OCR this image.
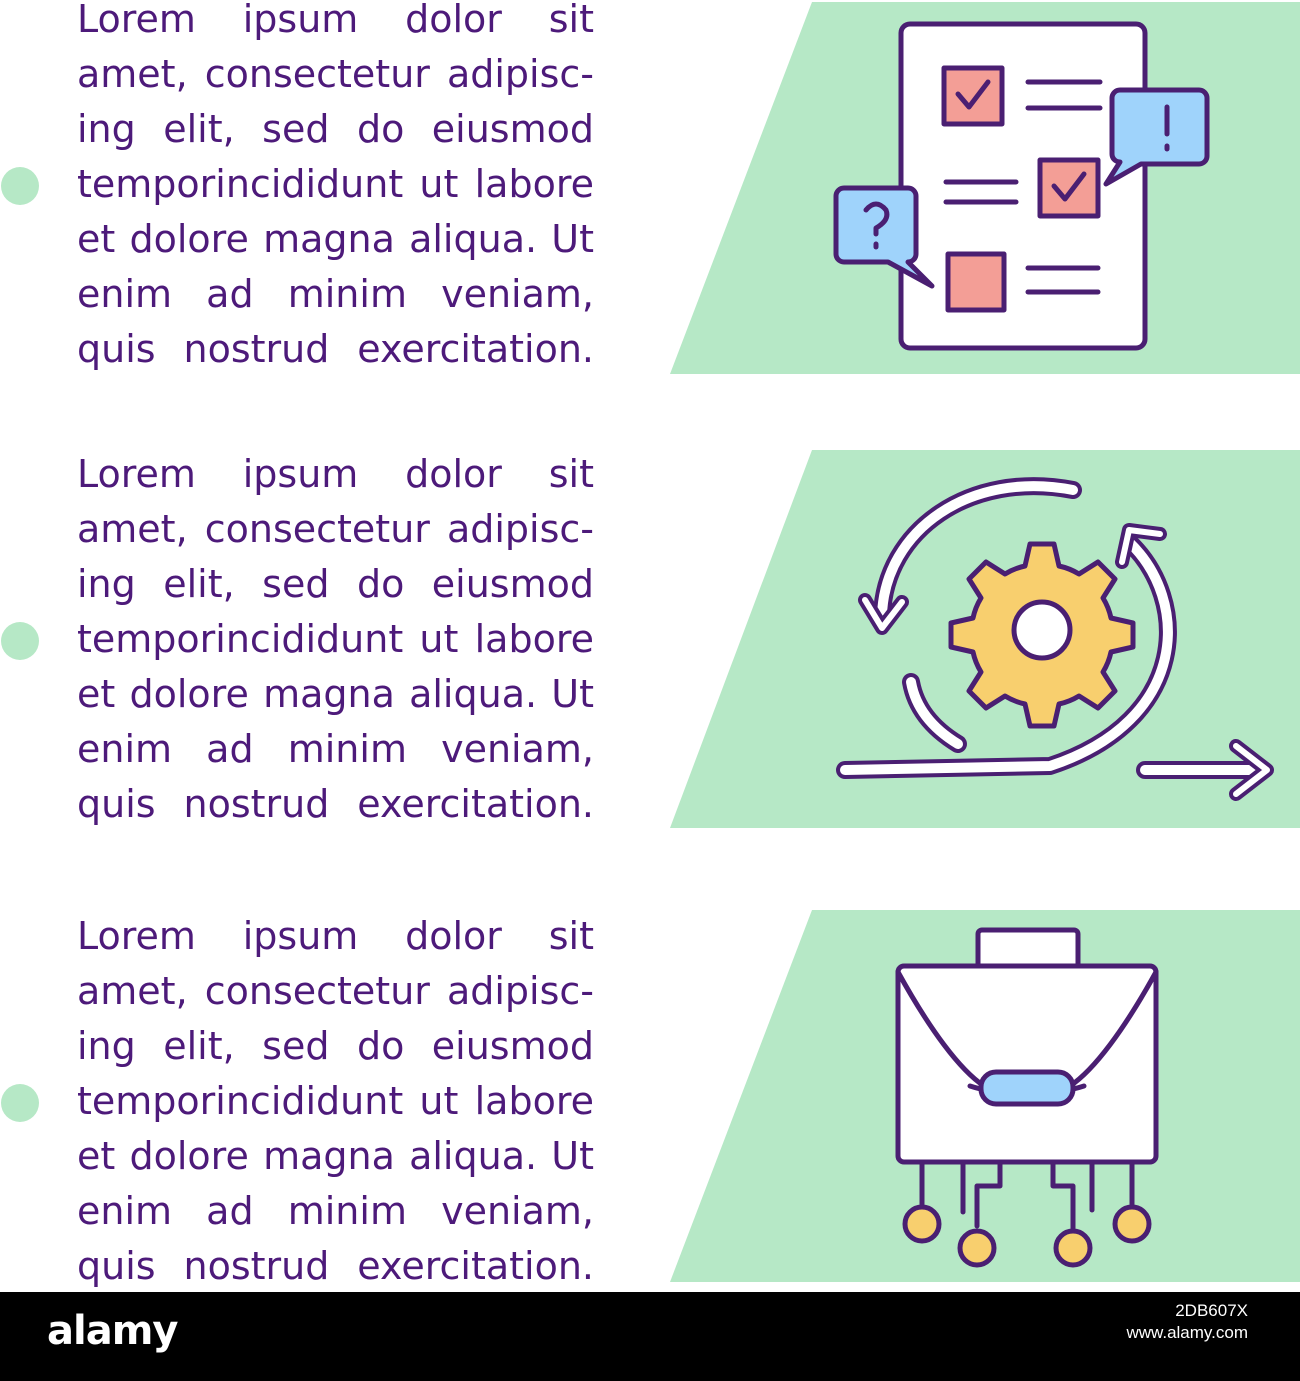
Lorem ipsum dolor sit
amet, consectetur adipisc-
ing elit, sed do eiusmod
temporincididunt ut labore
et dolore magna aliqua. Ut
enim ad minim veniam,
quis nostrud exercitation.
Lorem ipsum dolor sit
amet, consectetur adipisc-
ing elit, sed do eiusmod
temporincididunt ut labore
et dolore magna aliqua. Ut
enim ad minim veniam,
quis nostrud exercitation.
Lorem ipsum dolor sit
amet, consectetur adipisc-
ing elit, sed do eiusmod
temporincididunt ut labore
et dolore magna aliqua. Ut
enim ad minim veniam,
quis nostrud exercitation.
alamy	2DB607X
www.alamy.com
